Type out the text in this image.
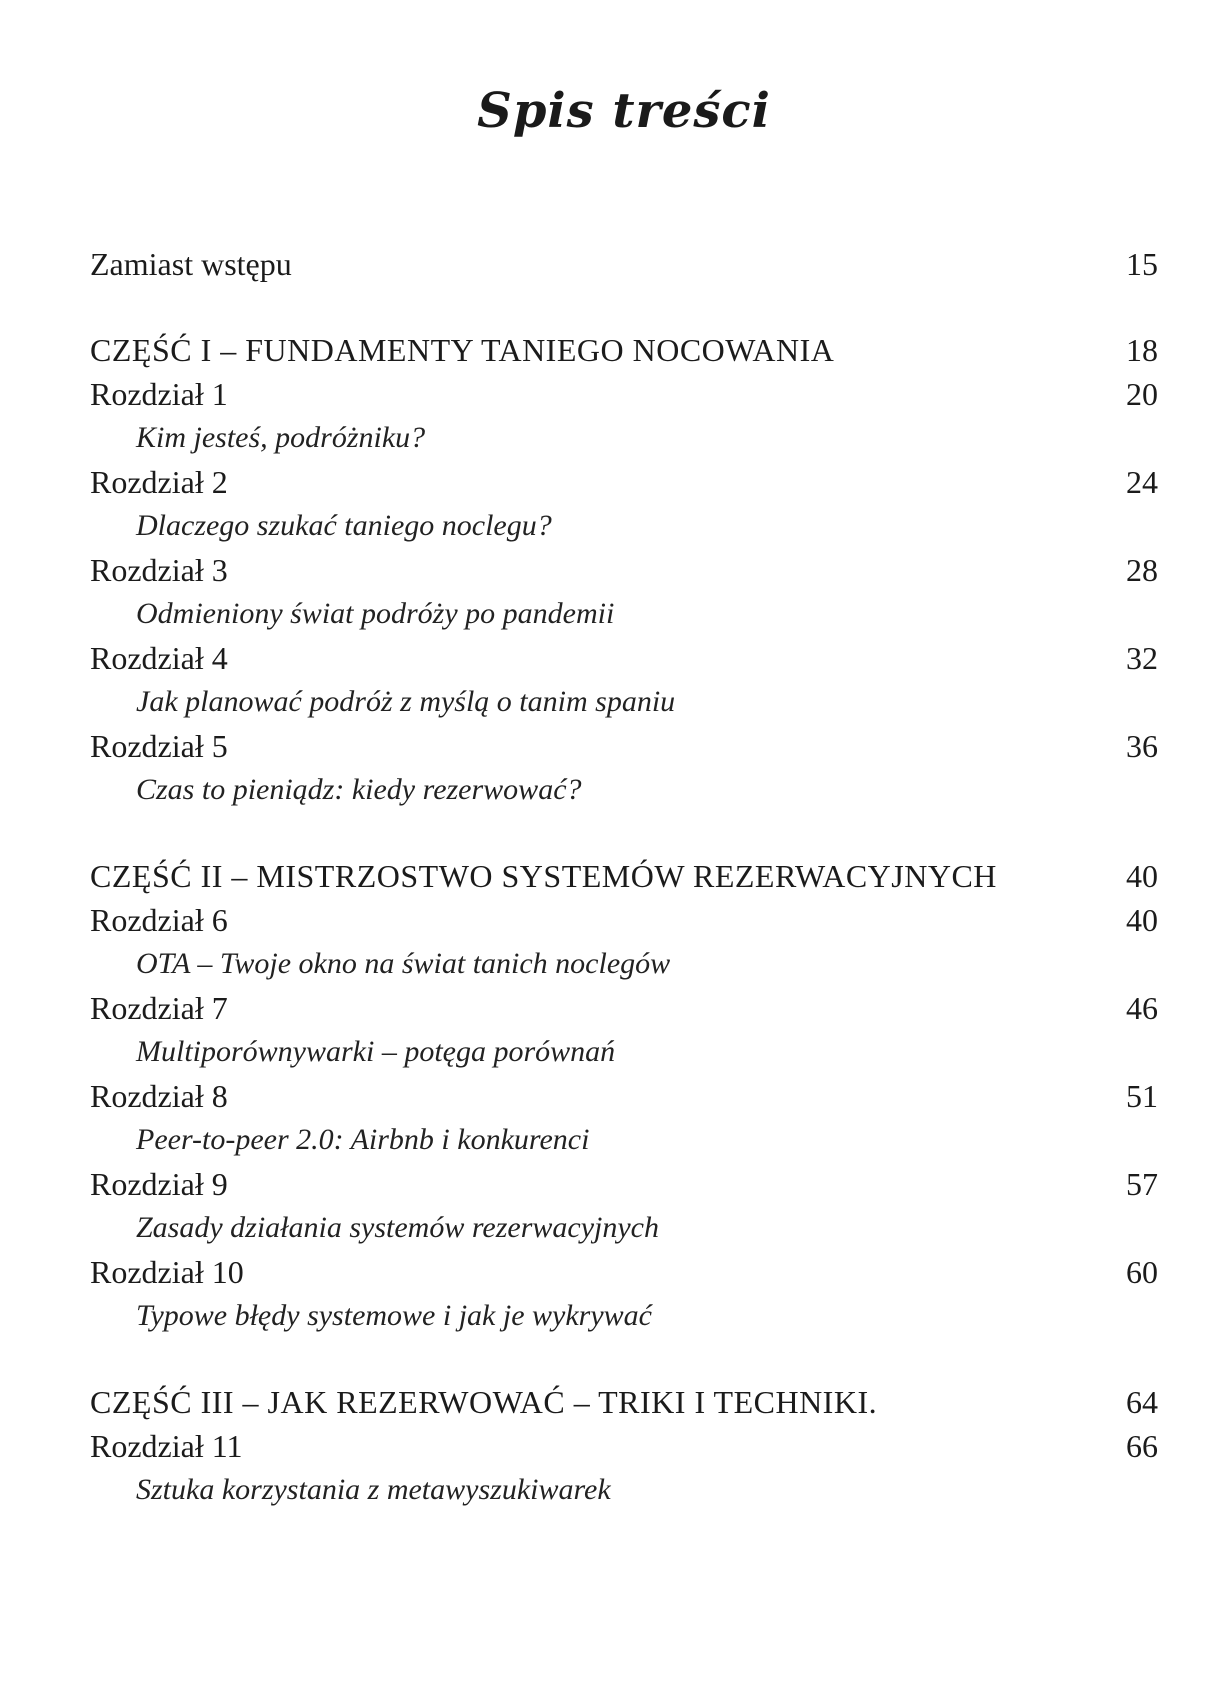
Spis treści
Zamiast wstępu	15
CZĘŚĆ I – FUNDAMENTY TANIEGO NOCOWANIA	18
Rozdział 1	20
Kim jesteś, podróżniku?
Rozdział 2	24
Dlaczego szukać taniego noclegu?
Rozdział 3	28
Odmieniony świat podróży po pandemii
Rozdział 4	32
Jak planować podróż z myślą o tanim spaniu
Rozdział 5	36
Czas to pieniądz: kiedy rezerwować?
CZĘŚĆ II – MISTRZOSTWO SYSTEMÓW REZERWACYJNYCH	40
Rozdział 6	40
OTA – Twoje okno na świat tanich noclegów
Rozdział 7	46
Multiporównywarki – potęga porównań
Rozdział 8	51
Peer-to-peer 2.0: Airbnb i konkurenci
Rozdział 9	57
Zasady działania systemów rezerwacyjnych
Rozdział 10	60
Typowe błędy systemowe i jak je wykrywać
CZĘŚĆ III – JAK REZERWOWAĆ – TRIKI I TECHNIKI.	64
Rozdział 11	66
Sztuka korzystania z metawyszukiwarek
